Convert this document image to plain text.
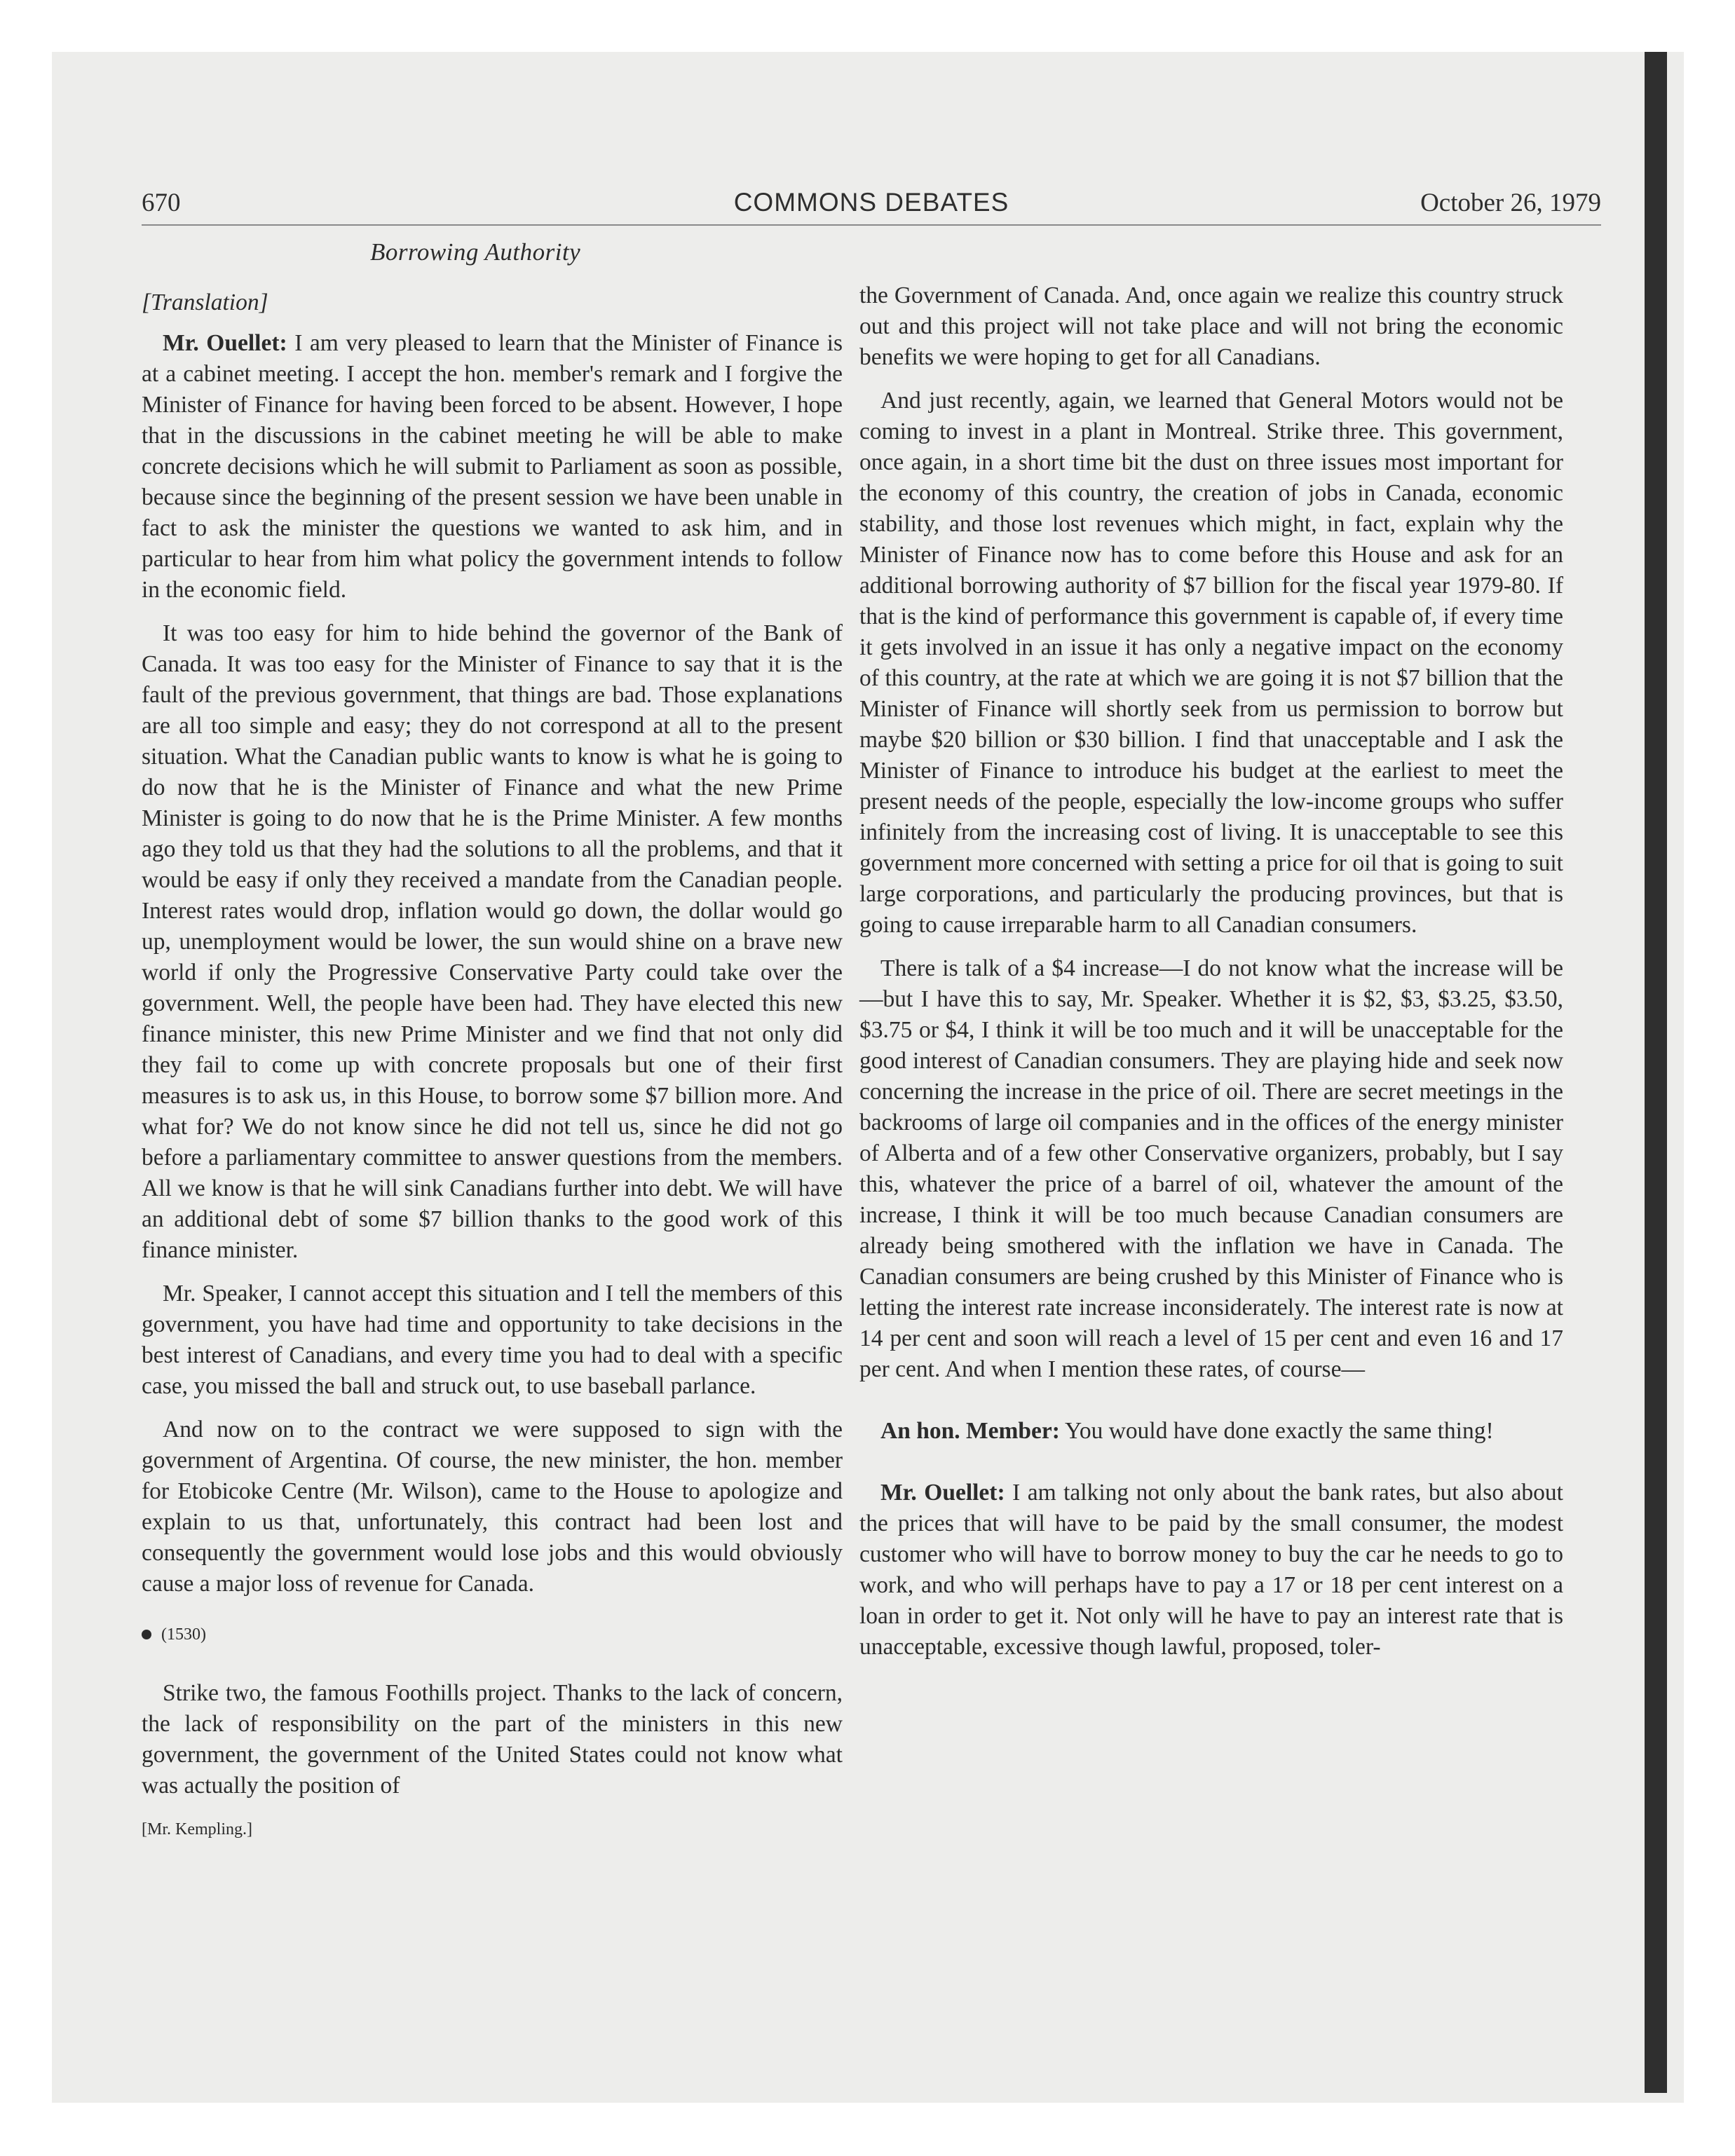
670	COMMONS DEBATES	October 26, 1979
Borrowing Authority
[Translation]

Mr. Ouellet: I am very pleased to learn that the Minister of Finance is at a cabinet meeting. I accept the hon. member's remark and I forgive the Minister of Finance for having been forced to be absent. However, I hope that in the discussions in the cabinet meeting he will be able to make concrete decisions which he will submit to Parliament as soon as possible, because since the beginning of the present session we have been unable in fact to ask the minister the questions we wanted to ask him, and in particular to hear from him what policy the government intends to follow in the economic field.

It was too easy for him to hide behind the governor of the Bank of Canada. It was too easy for the Minister of Finance to say that it is the fault of the previous government, that things are bad. Those explanations are all too simple and easy; they do not correspond at all to the present situation. What the Canadian public wants to know is what he is going to do now that he is the Minister of Finance and what the new Prime Minister is going to do now that he is the Prime Minister. A few months ago they told us that they had the solutions to all the problems, and that it would be easy if only they received a mandate from the Canadian people. Interest rates would drop, inflation would go down, the dollar would go up, unemployment would be lower, the sun would shine on a brave new world if only the Progressive Conservative Party could take over the government. Well, the people have been had. They have elected this new finance minister, this new Prime Minister and we find that not only did they fail to come up with concrete proposals but one of their first measures is to ask us, in this House, to borrow some $7 billion more. And what for? We do not know since he did not tell us, since he did not go before a parliamentary committee to answer questions from the members. All we know is that he will sink Canadians further into debt. We will have an additional debt of some $7 billion thanks to the good work of this finance minister.

Mr. Speaker, I cannot accept this situation and I tell the members of this government, you have had time and opportunity to take decisions in the best interest of Canadians, and every time you had to deal with a specific case, you missed the ball and struck out, to use baseball parlance.

And now on to the contract we were supposed to sign with the government of Argentina. Of course, the new minister, the hon. member for Etobicoke Centre (Mr. Wilson), came to the House to apologize and explain to us that, unfortunately, this contract had been lost and consequently the government would lose jobs and this would obviously cause a major loss of revenue for Canada.

(1530)

Strike two, the famous Foothills project. Thanks to the lack of concern, the lack of responsibility on the part of the ministers in this new government, the government of the United States could not know what was actually the position of

[Mr. Kempling.]

the Government of Canada. And, once again we realize this country struck out and this project will not take place and will not bring the economic benefits we were hoping to get for all Canadians.

And just recently, again, we learned that General Motors would not be coming to invest in a plant in Montreal. Strike three. This government, once again, in a short time bit the dust on three issues most important for the economy of this country, the creation of jobs in Canada, economic stability, and those lost revenues which might, in fact, explain why the Minister of Finance now has to come before this House and ask for an additional borrowing authority of $7 billion for the fiscal year 1979-80. If that is the kind of performance this government is capable of, if every time it gets involved in an issue it has only a negative impact on the economy of this country, at the rate at which we are going it is not $7 billion that the Minister of Finance will shortly seek from us permission to borrow but maybe $20 billion or $30 billion. I find that unacceptable and I ask the Minister of Finance to introduce his budget at the earliest to meet the present needs of the people, especially the low-income groups who suffer infinitely from the increasing cost of living. It is unacceptable to see this government more concerned with setting a price for oil that is going to suit large corporations, and particularly the producing provinces, but that is going to cause irreparable harm to all Canadian consumers.

There is talk of a $4 increase—I do not know what the increase will be—but I have this to say, Mr. Speaker. Whether it is $2, $3, $3.25, $3.50, $3.75 or $4, I think it will be too much and it will be unacceptable for the good interest of Canadian consumers. They are playing hide and seek now concerning the increase in the price of oil. There are secret meetings in the backrooms of large oil companies and in the offices of the energy minister of Alberta and of a few other Conservative organizers, probably, but I say this, whatever the price of a barrel of oil, whatever the amount of the increase, I think it will be too much because Canadian consumers are already being smothered with the inflation we have in Canada. The Canadian consumers are being crushed by this Minister of Finance who is letting the interest rate increase inconsiderately. The interest rate is now at 14 per cent and soon will reach a level of 15 per cent and even 16 and 17 per cent. And when I mention these rates, of course—

An hon. Member: You would have done exactly the same thing!

Mr. Ouellet: I am talking not only about the bank rates, but also about the prices that will have to be paid by the small consumer, the modest customer who will have to borrow money to buy the car he needs to go to work, and who will perhaps have to pay a 17 or 18 per cent interest on a loan in order to get it. Not only will he have to pay an interest rate that is unacceptable, excessive though lawful, proposed, toler-
